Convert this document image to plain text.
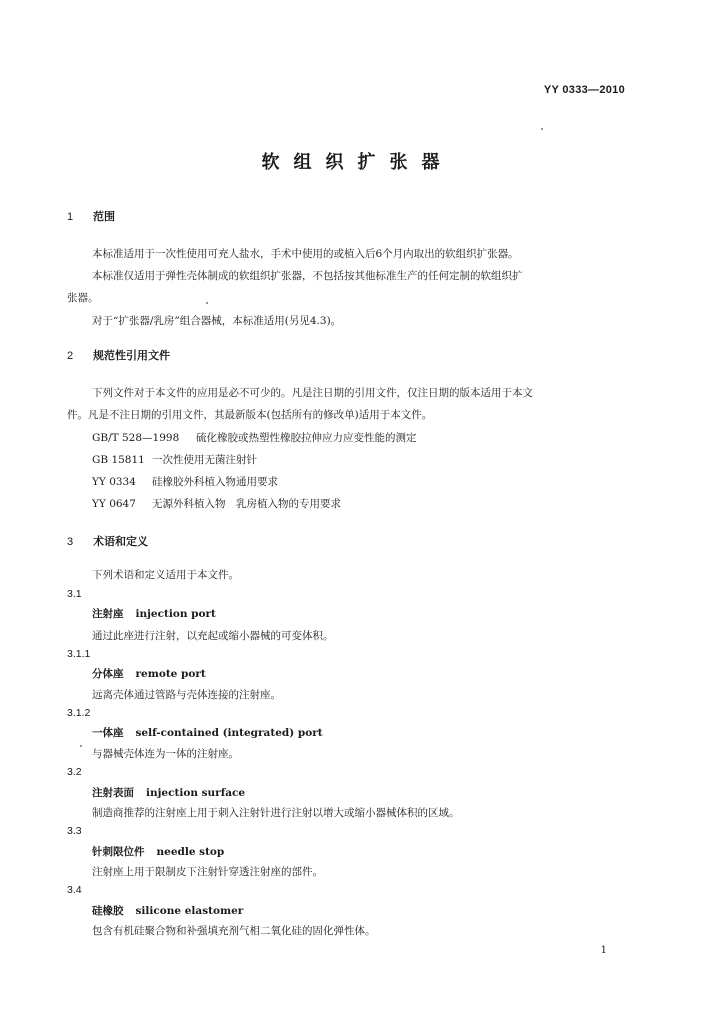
YY 0333—2010
软组织扩张器
1 范围
本标准适用于一次性使用可充人盐水，手术中使用的或植入后6个月内取出的软组织扩张器。
本标准仅适用于弹性壳体制成的软组织扩张器，不包括按其他标准生产的任何定制的软组织扩
张器。
对于“扩张器/乳房”组合器械，本标准适用(另见4.3)。
2 规范性引用文件
下列文件对于本文件的应用是必不可少的。凡是注日期的引用文件，仅注日期的版本适用于本文
件。凡是不注日期的引用文件，其最新版本(包括所有的修改单)适用于本文件。
GB/T 528—1998 硫化橡胶或热塑性橡胶拉伸应力应变性能的测定
GB 15811 一次性使用无菌注射针
YY 0334 硅橡胶外科植入物通用要求
YY 0647 无源外科植入物　乳房植入物的专用要求
3 术语和定义
下列术语和定义适用于本文件。
3.1
注射座 injection port
通过此座进行注射，以充起或缩小器械的可变体积。
3.1.1
分体座 remote port
远离壳体通过管路与壳体连接的注射座。
3.1.2
一体座 self-contained (integrated) port
与器械壳体连为一体的注射座。
3.2
注射表面 injection surface
制造商推荐的注射座上用于刺入注射针进行注射以增大或缩小器械体积的区域。
3.3
针刺限位件 needle stop
注射座上用于限制皮下注射针穿透注射座的部件。
3.4
硅橡胶 silicone elastomer
包含有机硅聚合物和补强填充剂气相二氧化硅的固化弹性体。
1
